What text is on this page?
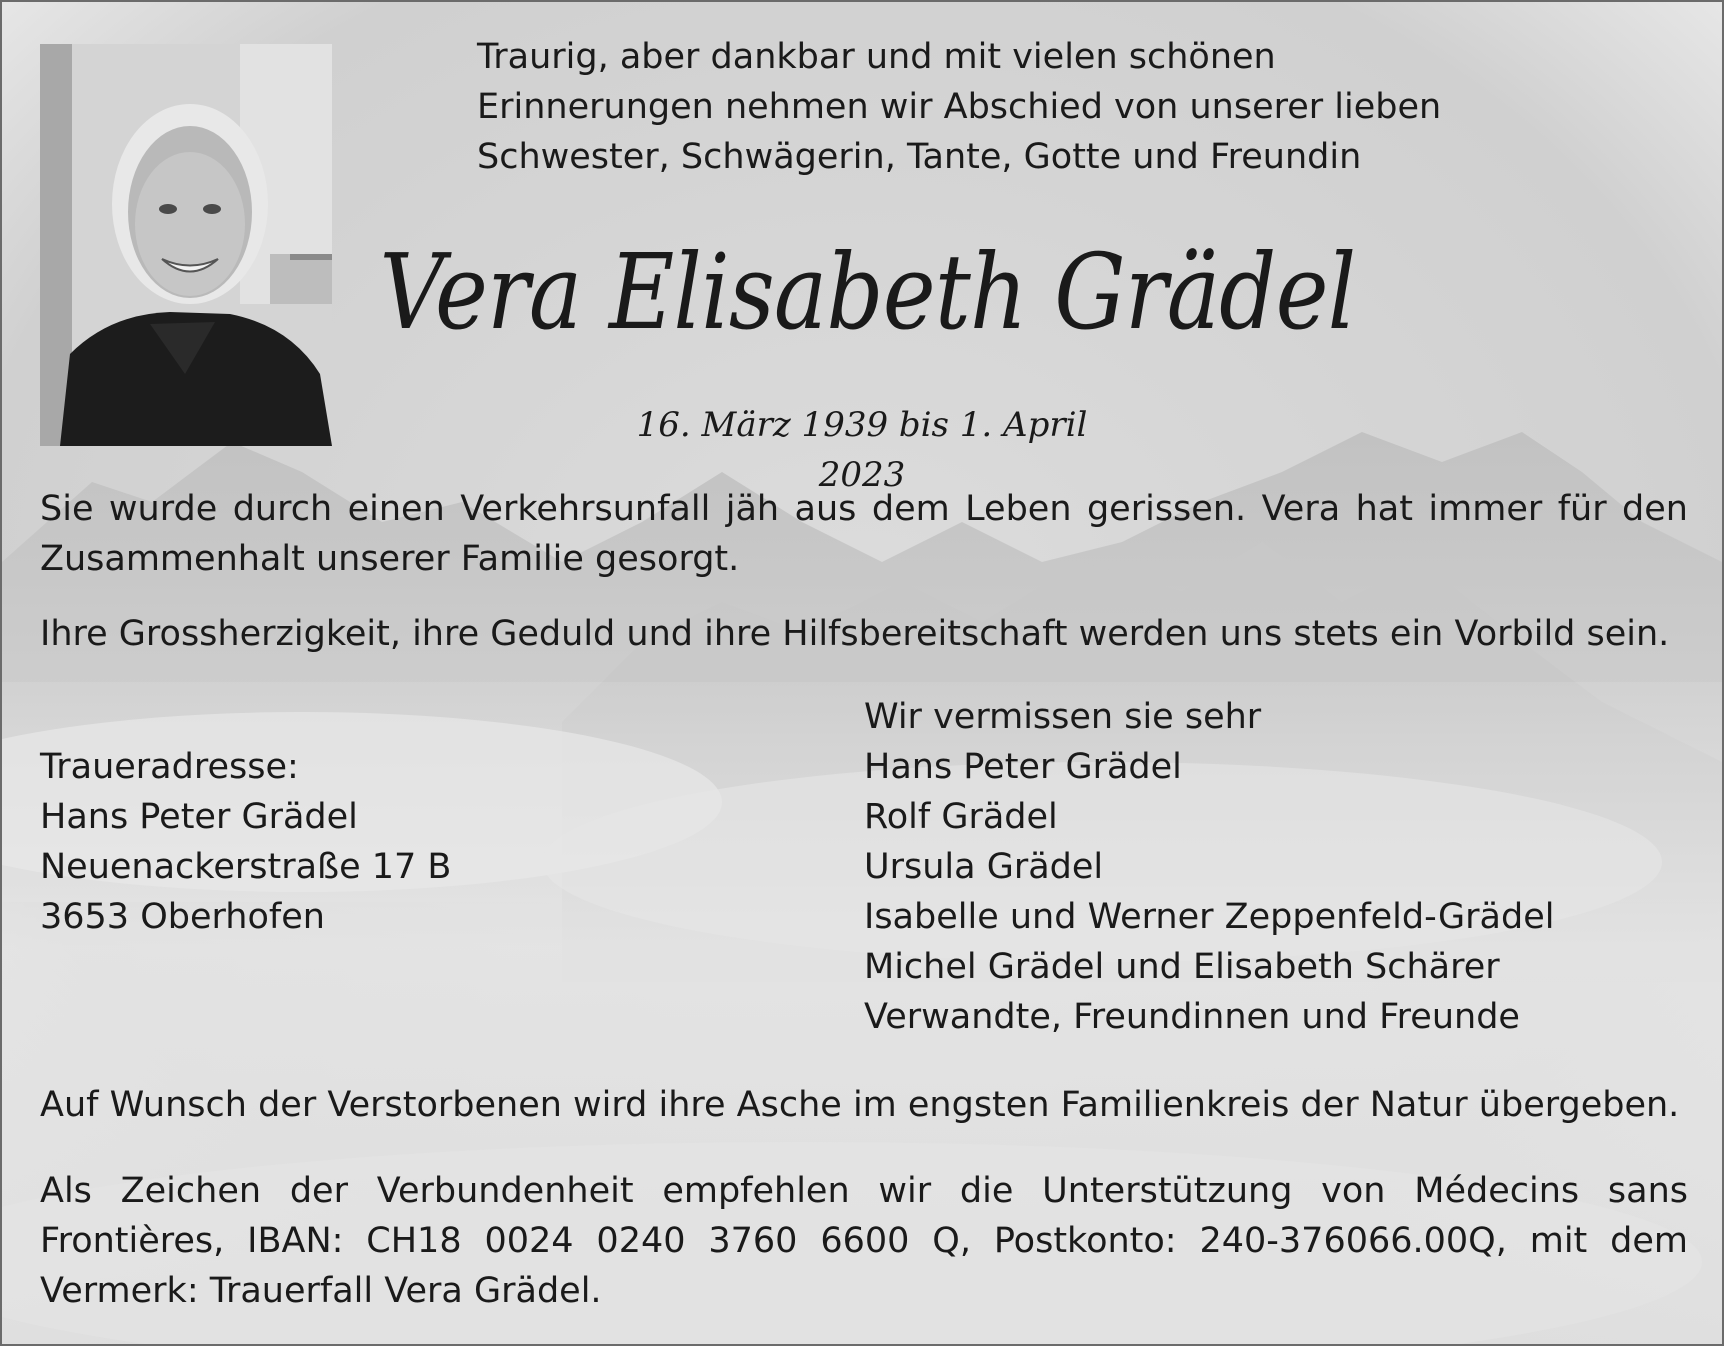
Traurig, aber dankbar und mit vielen schönen
Erinnerungen nehmen wir Abschied von unserer lieben
Schwester, Schwägerin, Tante, Gotte und Freundin
Vera Elisabeth Grädel
16. März 1939 bis 1. April 2023

Sie wurde durch einen Verkehrsunfall jäh aus dem Leben gerissen. Vera hat immer für den Zusammenhalt unserer Familie gesorgt.

Ihre Grossherzigkeit, ihre Geduld und ihre Hilfsbereitschaft werden uns stets ein Vorbild sein.

Traueradresse:
Hans Peter Grädel
Neuenackerstraße 17 B
3653 Oberhofen
Wir vermissen sie sehr
Hans Peter Grädel
Rolf Grädel
Ursula Grädel
Isabelle und Werner Zeppenfeld-Grädel
Michel Grädel und Elisabeth Schärer
Verwandte, Freundinnen und Freunde

Auf Wunsch der Verstorbenen wird ihre Asche im engsten Familienkreis der Natur übergeben.

Als Zeichen der Verbundenheit empfehlen wir die Unterstützung von Médecins sans Frontières, IBAN: CH18 0024 0240 3760 6600 Q, Postkonto: 240-376066.00Q, mit dem Vermerk: Trauerfall Vera Grädel.
